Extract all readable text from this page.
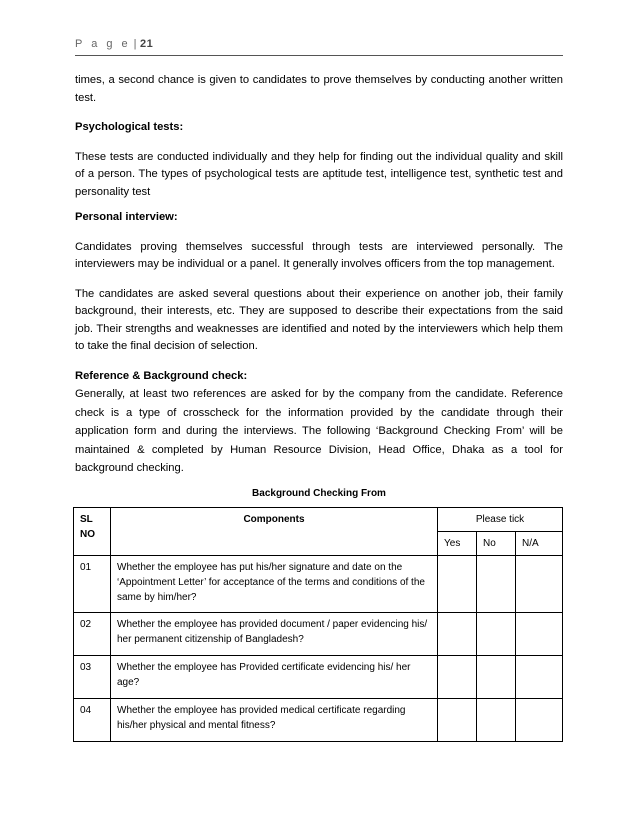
P a g e | 21

times, a second chance is given to candidates to prove themselves by conducting another written test.

Psychological tests:

These tests are conducted individually and they help for finding out the individual quality and skill of a person. The types of psychological tests are aptitude test, intelligence test, synthetic test and personality test

Personal interview:

Candidates proving themselves successful through tests are interviewed personally. The interviewers may be individual or a panel. It generally involves officers from the top management.

The candidates are asked several questions about their experience on another job, their family background, their interests, etc. They are supposed to describe their expectations from the said job. Their strengths and weaknesses are identified and noted by the interviewers which help them to take the final decision of selection.

Reference & Background check:

Generally, at least two references are asked for by the company from the candidate. Reference check is a type of crosscheck for the information provided by the candidate through their application form and during the interviews. The following ‘Background Checking From’ will be maintained & completed by Human Resource Division, Head Office, Dhaka as a tool for background checking.

Background Checking From
SL NO	Components	Please tick		
		Yes	No	N/A
01	Whether the employee has put his/her signature and date on the ‘Appointment Letter’ for acceptance of the terms and conditions of the same by him/her?			
02	Whether the employee has provided document / paper evidencing his/ her permanent citizenship of Bangladesh?			
03	Whether the employee has Provided certificate evidencing his/ her age?			
04	Whether the employee has provided medical certificate regarding his/her physical and mental fitness?			
